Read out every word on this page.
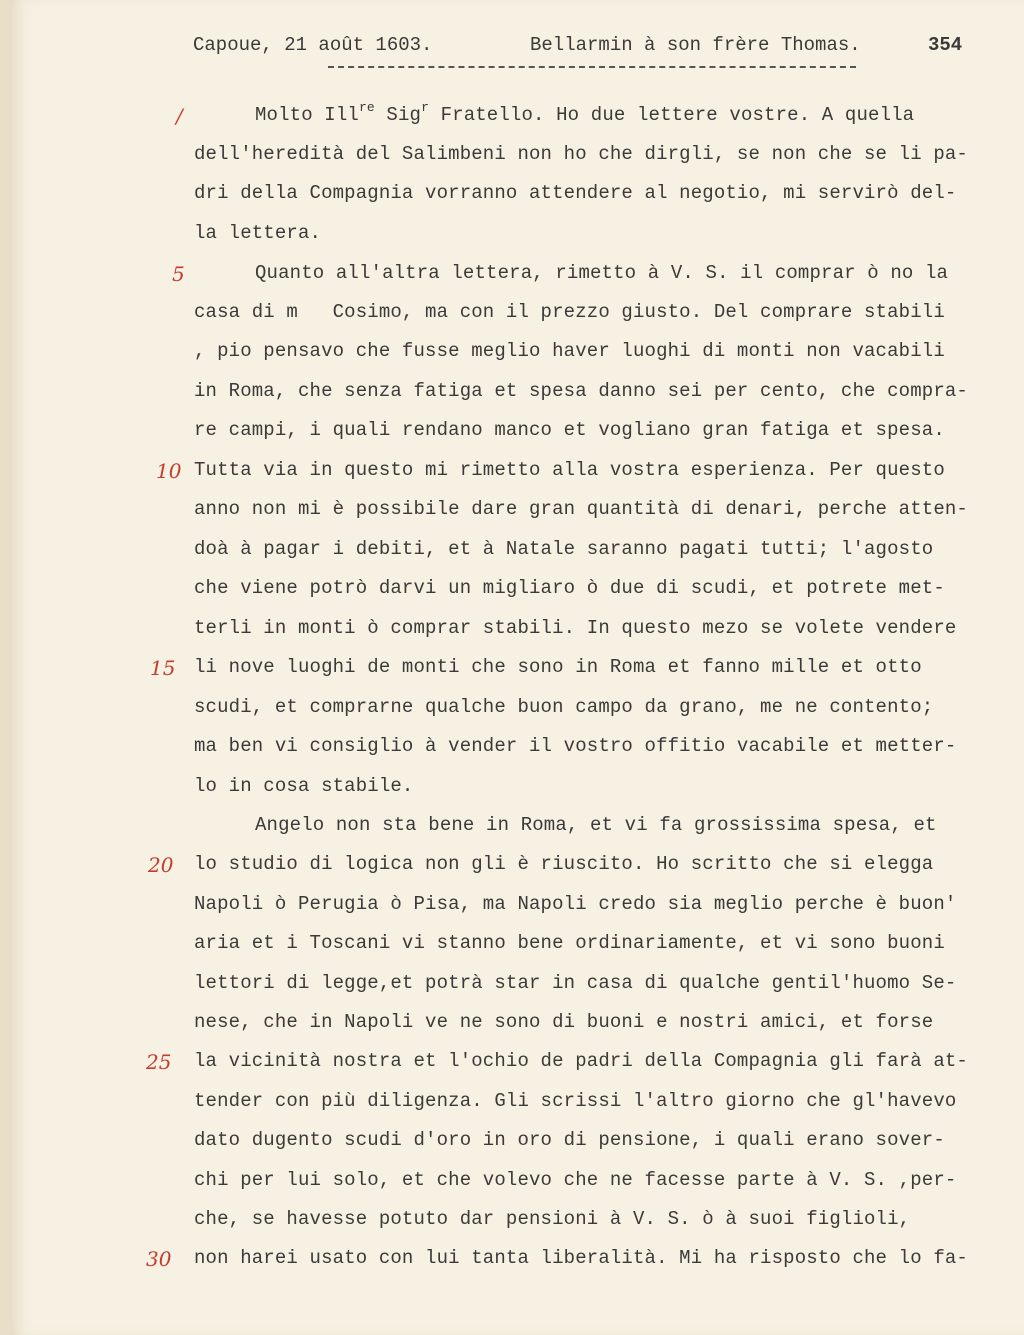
Capoue, 21 août 1603.	Bellarmin à son frère Thomas.	354
/
5
10
15
20
25
30
Molto Ill$^{re}$ Sig$^r$ Fratello. Ho due lettere vostre. A quella
dell'heredità del Salimbeni non ho che dirgli, se non che se li pa-
dri della Compagnia vorranno attendere al negotio, mi servirò del-
la lettera.
Quanto all'altra lettera, rimetto à V. S. il comprar ò no la
casa di m   Cosimo, ma con il prezzo giusto. Del comprare stabili
, pio pensavo che fusse meglio haver luoghi di monti non vacabili
in Roma, che senza fatiga et spesa danno sei per cento, che compra-
re campi, i quali rendano manco et vogliano gran fatiga et spesa.
Tutta via in questo mi rimetto alla vostra esperienza. Per questo
anno non mi è possibile dare gran quantità di denari, perche atten-
doà à pagar i debiti, et à Natale saranno pagati tutti; l'agosto
che viene potrò darvi un migliaro ò due di scudi, et potrete met-
terli in monti ò comprar stabili. In questo mezo se volete vendere
li nove luoghi de monti che sono in Roma et fanno mille et otto
scudi, et comprarne qualche buon campo da grano, me ne contento;
ma ben vi consiglio à vender il vostro offitio vacabile et metter-
lo in cosa stabile.
Angelo non sta bene in Roma, et vi fa grossissima spesa, et
lo studio di logica non gli è riuscito. Ho scritto che si elegga
Napoli ò Perugia ò Pisa, ma Napoli credo sia meglio perche è buon'
aria et i Toscani vi stanno bene ordinariamente, et vi sono buoni
lettori di legge,et potrà star in casa di qualche gentil'huomo Se-
nese, che in Napoli ve ne sono di buoni e nostri amici, et forse
la vicinità nostra et l'ochio de padri della Compagnia gli farà at-
tender con più diligenza. Gli scrissi l'altro giorno che gl'havevo
dato dugento scudi d'oro in oro di pensione, i quali erano sover-
chi per lui solo, et che volevo che ne facesse parte à V. S. ,per-
che, se havesse potuto dar pensioni à V. S. ò à suoi figlioli,
non harei usato con lui tanta liberalità. Mi ha risposto che lo fa-
